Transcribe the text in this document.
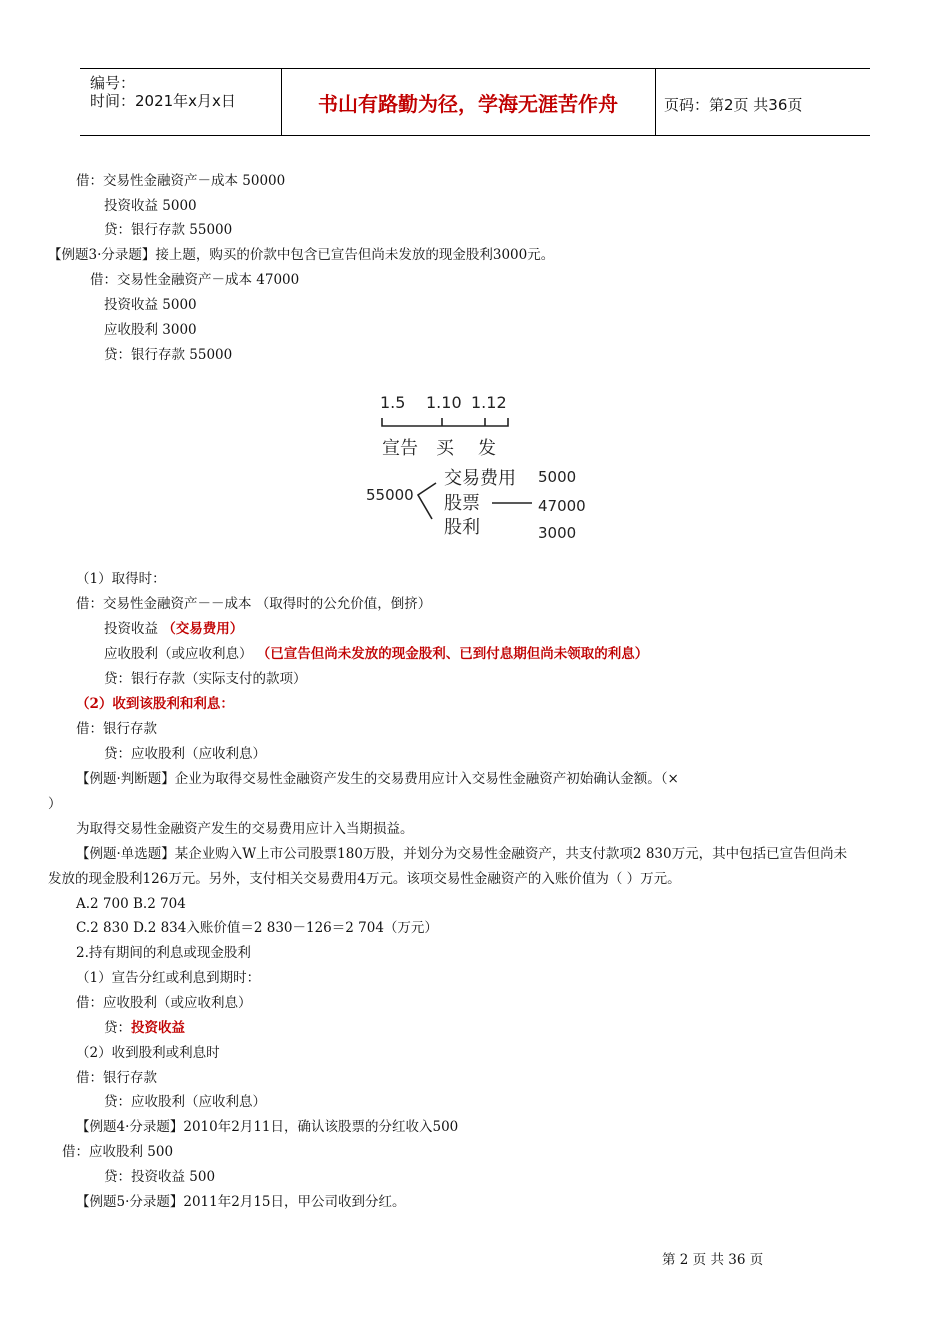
编号：
时间：2021年x月x日	书山有路勤为径，学海无涯苦作舟	页码：第2页 共36页
借：交易性金融资产－成本 50000
投资收益 5000
贷：银行存款 55000
【例题3·分录题】接上题，购买的价款中包含已宣告但尚未发放的现金股利3000元。
借：交易性金融资产－成本 47000
投资收益 5000
应收股利 3000
贷：银行存款 55000
1.5 1.10 1.12
宣告 买 发
55000
交易费用
股票
股利
5000
47000
3000
（1）取得时：
借：交易性金融资产－－成本 （取得时的公允价值，倒挤）
投资收益 （交易费用）
应收股利（或应收利息） （已宣告但尚未发放的现金股利、已到付息期但尚未领取的利息）
贷：银行存款（实际支付的款项）
（2）收到该股利和利息：
借：银行存款
贷：应收股利（应收利息）
【例题·判断题】企业为取得交易性金融资产发生的交易费用应计入交易性金融资产初始确认金额。（×
）
为取得交易性金融资产发生的交易费用应计入当期损益。
【例题·单选题】某企业购入W上市公司股票180万股，并划分为交易性金融资产，共支付款项2 830万元，其中包括已宣告但尚未
发放的现金股利126万元。另外，支付相关交易费用4万元。该项交易性金融资产的入账价值为（ ）万元。
A.2 700 B.2 704
C.2 830 D.2 834入账价值＝2 830－126＝2 704（万元）
2.持有期间的利息或现金股利
（1）宣告分红或利息到期时：
借：应收股利（或应收利息）
贷：投资收益
（2）收到股利或利息时
借：银行存款
贷：应收股利（应收利息）
【例题4·分录题】2010年2月11日，确认该股票的分红收入500
借：应收股利 500
贷：投资收益 500
【例题5·分录题】2011年2月15日，甲公司收到分红。
第 2 页 共 36 页
